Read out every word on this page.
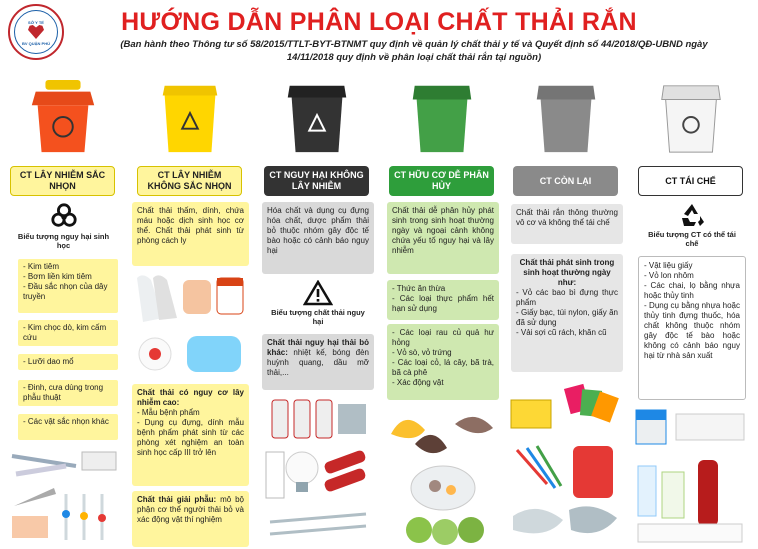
SỞ Y TẾ
BV QUẬN PHÚ
HƯỚNG DẪN PHÂN LOẠI CHẤT THẢI RẮN
(Ban hành theo Thông tư số 58/2015/TTLT-BYT-BTNMT quy định về quản lý chất thải y tế và Quyết định số 44/2018/QĐ-UBND ngày 14/11/2018 quy định về phân loại chất thải rắn tại nguồn)
CT LÂY NHIỄM SẮC NHỌN
Biểu tượng nguy hại sinh học
- Kim tiêm
- Bơm liền kim tiêm
- Đầu sắc nhọn của dây truyền
- Kim chọc dò, kim cấm cứu
- Lưỡi dao mổ
- Đinh, cưa dùng trong phẫu thuật
- Các vật sắc nhọn khác
CT LÂY NHIỄM KHÔNG SẮC NHỌN
Chất thải thấm, dính, chứa máu hoặc dịch sinh học cơ thể. Chất thải phát sinh từ phòng cách ly
Chất thải có nguy cơ lây nhiễm cao:
- Mẫu bệnh phẩm
- Dụng cụ đựng, dính mẫu bệnh phẩm phát sinh từ các phòng xét nghiệm an toàn sinh học cấp III trở lên
Chất thải giải phẫu: mô bộ phận cơ thể người thải bỏ và xác động vật thí nghiệm
CT NGUY HẠI KHÔNG LÂY NHIỄM
Hóa chất và dụng cụ đựng hóa chất, dược phẩm thải bỏ thuộc nhóm gây độc tế bào hoặc có cảnh báo nguy hại
Biểu tượng chất thải nguy hại
Chất thải nguy hại thải bỏ khác: nhiệt kế, bóng đèn huỳnh quang, dầu mỡ thải,...
CT HỮU CƠ DỄ PHÂN HỦY
Chất thải dễ phân hủy phát sinh trong sinh hoạt thường ngày và ngoại cảnh không chứa yếu tố nguy hại và lây nhiễm
- Thức ăn thừa
- Các loại thực phẩm hết hạn sử dụng
- Các loại rau củ quả hư hỏng
- Vỏ sò, vỏ trứng
- Các loại cỏ, lá cây, bã trà, bã cà phê
- Xác động vật
CT CÒN LẠI
Chất thải rắn thông thường vô cơ và không thể tái chế
Chất thải phát sinh trong sinh hoạt thường ngày như:
- Vỏ các bao bì đựng thực phẩm
- Giấy bạc, túi nylon, giấy ăn đã sử dụng
- Vải sợi cũ rách, khăn cũ
CT TÁI CHẾ
Biểu tượng CT có thể tái chế
- Vật liệu giấy
- Vỏ lon nhôm
- Các chai, lọ bằng nhựa hoặc thủy tinh
- Dụng cụ bằng nhựa hoặc thủy tinh đựng thuốc, hóa chất không thuộc nhóm gây độc tế bào hoặc không có cảnh báo nguy hại từ nhà sản xuất
